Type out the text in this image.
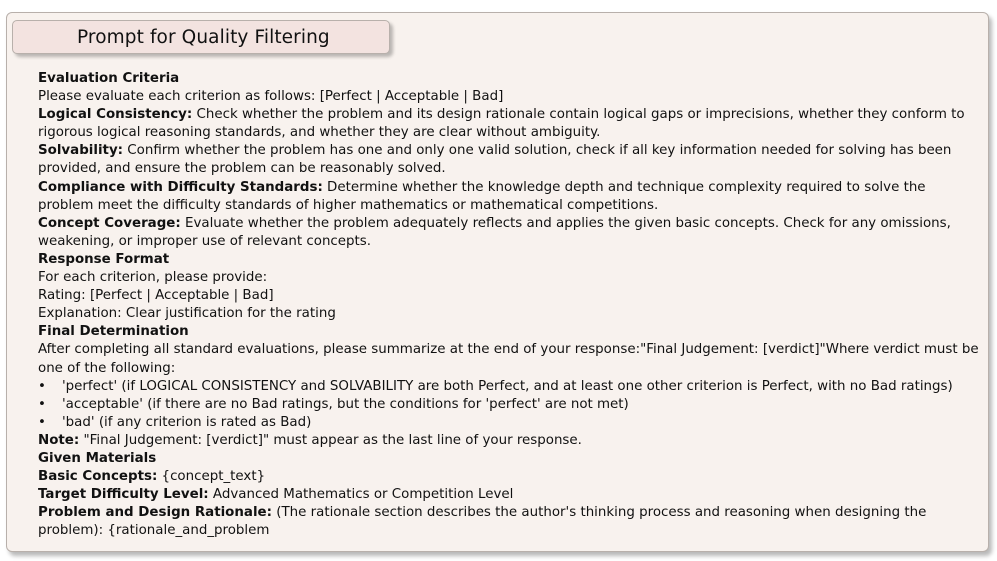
Prompt for Quality Filtering

Evaluation Criteria

Please evaluate each criterion as follows: [Perfect | Acceptable | Bad]

Logical Consistency: Check whether the problem and its design rationale contain logical gaps or imprecisions, whether they conform to rigorous logical reasoning standards, and whether they are clear without ambiguity.

Solvability: Confirm whether the problem has one and only one valid solution, check if all key information needed for solving has been provided, and ensure the problem can be reasonably solved.

Compliance with Difficulty Standards: Determine whether the knowledge depth and technique complexity required to solve the problem meet the difficulty standards of higher mathematics or mathematical competitions.

Concept Coverage: Evaluate whether the problem adequately reflects and applies the given basic concepts. Check for any omissions, weakening, or improper use of relevant concepts.

Response Format

For each criterion, please provide:

Rating: [Perfect | Acceptable | Bad]

Explanation: Clear justification for the rating

Final Determination

After completing all standard evaluations, please summarize at the end of your response:"Final Judgement: [verdict]"Where verdict must be one of the following:

• 'perfect' (if LOGICAL CONSISTENCY and SOLVABILITY are both Perfect, and at least one other criterion is Perfect, with no Bad ratings)
• 'acceptable' (if there are no Bad ratings, but the conditions for 'perfect' are not met)
• 'bad' (if any criterion is rated as Bad)

Note: "Final Judgement: [verdict]" must appear as the last line of your response.

Given Materials

Basic Concepts: {concept_text}

Target Difficulty Level: Advanced Mathematics or Competition Level

Problem and Design Rationale: (The rationale section describes the author's thinking process and reasoning when designing the problem): {rationale_and_problem
